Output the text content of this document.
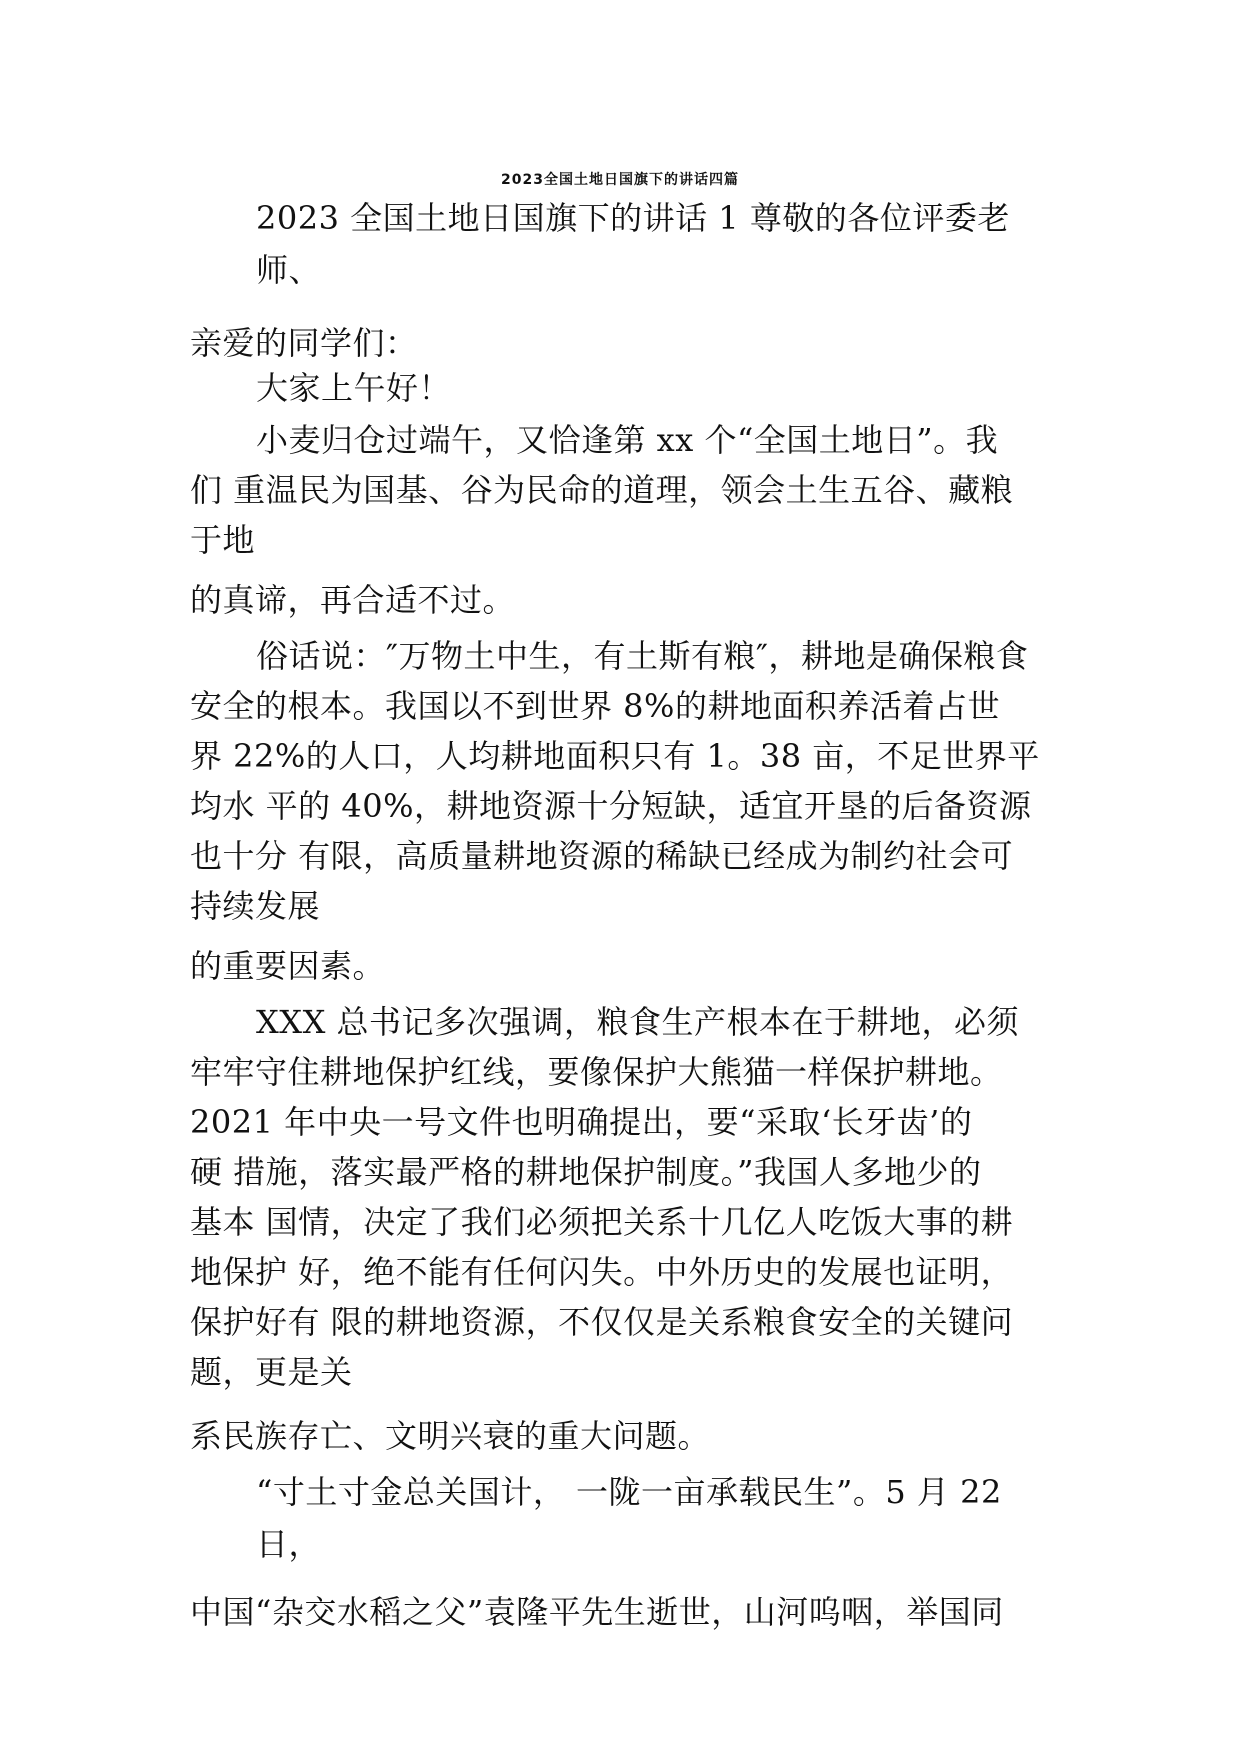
2023全国土地日国旗下的讲话四篇
2023 全国土地日国旗下的讲话 1 尊敬的各位评委老
师、
亲爱的同学们：
大家上午好！
小麦归仓过端午，又恰逢第 xx 个“全国土地日”。我
们 重温民为国基、谷为民命的道理，领会土生五谷、藏粮
于地
的真谛，再合适不过。
俗话说：″万物土中生，有土斯有粮″，耕地是确保粮食
安全的根本。我国以不到世界 8%的耕地面积养活着占世
界 22%的人口，人均耕地面积只有 1。38 亩，不足世界平
均水 平的 40%，耕地资源十分短缺，适宜开垦的后备资源
也十分 有限，高质量耕地资源的稀缺已经成为制约社会可
持续发展
的重要因素。
XXX 总书记多次强调，粮食生产根本在于耕地，必须
牢牢守住耕地保护红线，要像保护大熊猫一样保护耕地。
2021 年中央一号文件也明确提出，要“采取‘长牙齿’的
硬 措施，落实最严格的耕地保护制度。”我国人多地少的
基本 国情，决定了我们必须把关系十几亿人吃饭大事的耕
地保护 好，绝不能有任何闪失。中外历史的发展也证明，
保护好有 限的耕地资源，不仅仅是关系粮食安全的关键问
题，更是关
系民族存亡、文明兴衰的重大问题。
“寸土寸金总关国计， 一陇一亩承载民生”。5 月 22
日，
中国“杂交水稻之父”袁隆平先生逝世，山河呜咽，举国同
